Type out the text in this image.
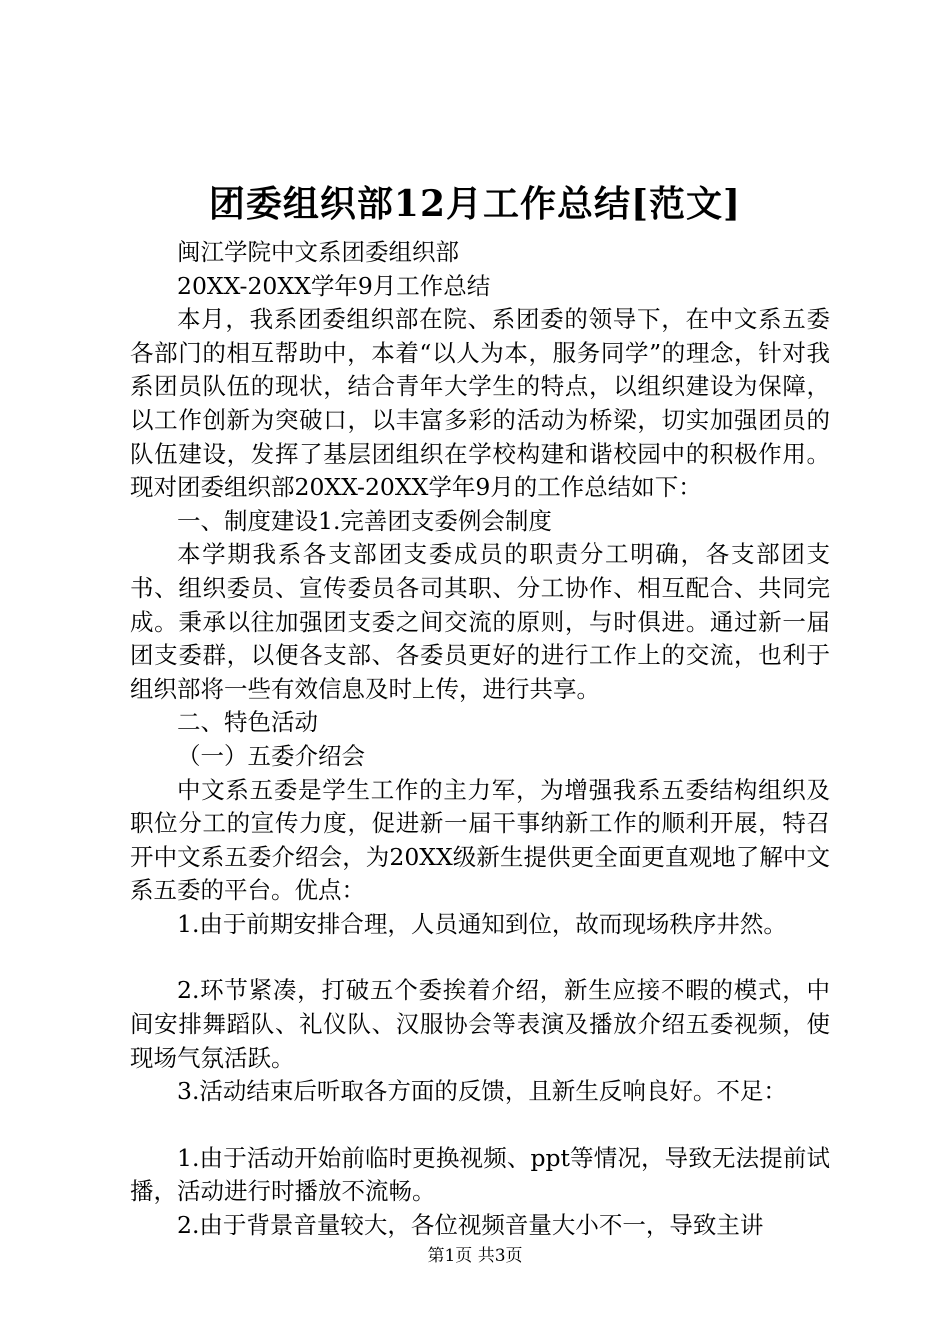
团委组织部12月工作总结[范文]

闽江学院中文系团委组织部

20XX-20XX学年9月工作总结

本月，我系团委组织部在院、系团委的领导下，在中文系五委各部门的相互帮助中，本着“以人为本，服务同学”的理念，针对我系团员队伍的现状，结合青年大学生的特点，以组织建设为保障，以工作创新为突破口，以丰富多彩的活动为桥梁，切实加强团员的队伍建设，发挥了基层团组织在学校构建和谐校园中的积极作用。现对团委组织部20XX-20XX学年9月的工作总结如下：

一、制度建设1.完善团支委例会制度

本学期我系各支部团支委成员的职责分工明确，各支部团支书、组织委员、宣传委员各司其职、分工协作、相互配合、共同完成。秉承以往加强团支委之间交流的原则，与时俱进。通过新一届团支委群，以便各支部、各委员更好的进行工作上的交流，也利于组织部将一些有效信息及时上传，进行共享。

二、特色活动

（一）五委介绍会

中文系五委是学生工作的主力军，为增强我系五委结构组织及职位分工的宣传力度，促进新一届干事纳新工作的顺利开展，特召开中文系五委介绍会，为20XX级新生提供更全面更直观地了解中文系五委的平台。优点：

1.由于前期安排合理，人员通知到位，故而现场秩序井然。

2.环节紧凑，打破五个委挨着介绍，新生应接不暇的模式，中间安排舞蹈队、礼仪队、汉服协会等表演及播放介绍五委视频，使现场气氛活跃。

3.活动结束后听取各方面的反馈，且新生反响良好。不足：

1.由于活动开始前临时更换视频、ppt等情况，导致无法提前试播，活动进行时播放不流畅。

2.由于背景音量较大，各位视频音量大小不一，导致主讲

第1页 共3页
